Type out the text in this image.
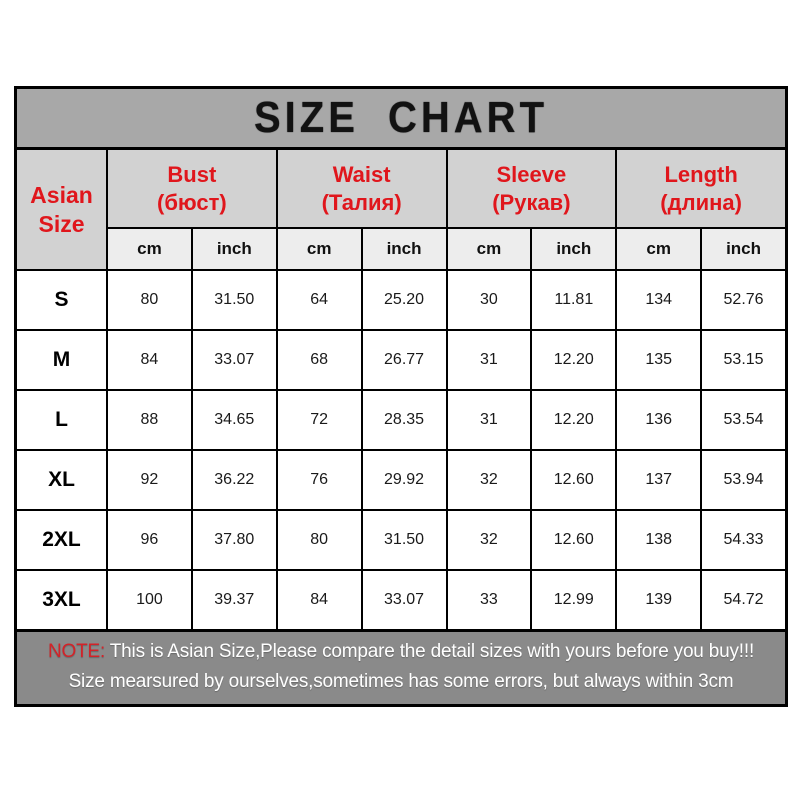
SIZE CHART
Asian
Size
Bust
(бюст)
Waist
(Талия)
Sleeve
(Рукав)
Length
(длина)
cm	inch	cm	inch	cm	inch	cm	inch
S	80	31.50	64	25.20	30	11.81	134	52.76
M	84	33.07	68	26.77	31	12.20	135	53.15
L	88	34.65	72	28.35	31	12.20	136	53.54
XL	92	36.22	76	29.92	32	12.60	137	53.94
2XL	96	37.80	80	31.50	32	12.60	138	54.33
3XL	100	39.37	84	33.07	33	12.99	139	54.72
NOTE: This is Asian Size,Please compare the detail sizes with yours before you buy!!!
Size mearsured by ourselves,sometimes has some errors, but always within 3cm
